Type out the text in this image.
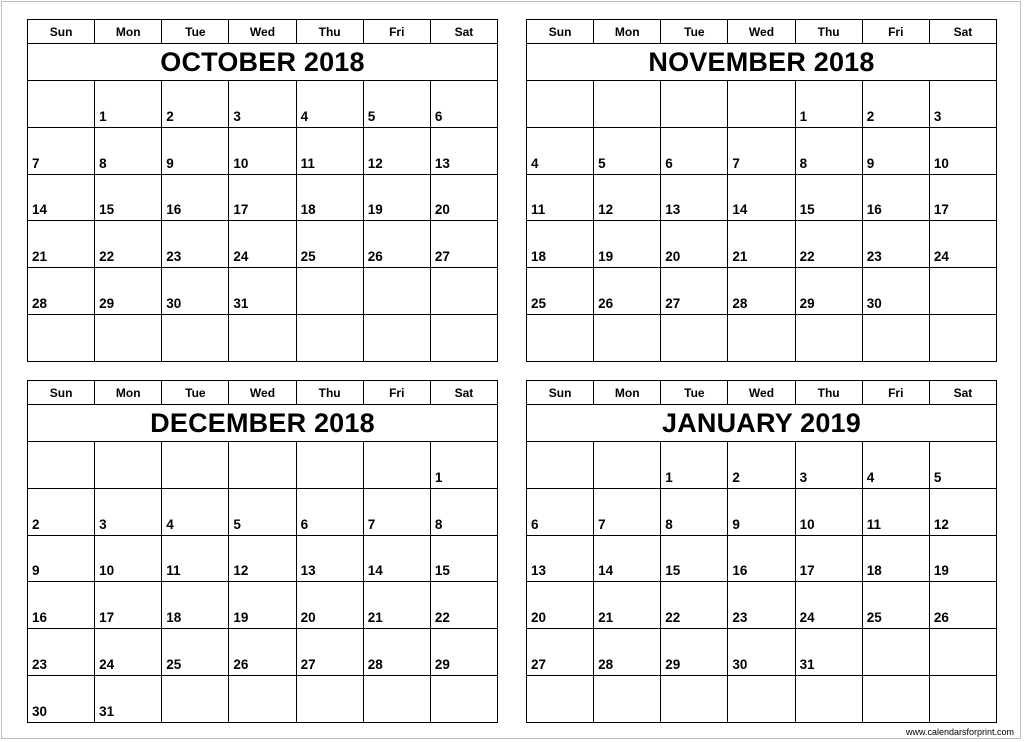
Sun	Mon	Tue	Wed	Thu	Fri	Sat
OCTOBER 2018						
	1	2	3	4	5	6
7	8	9	10	11	12	13
14	15	16	17	18	19	20
21	22	23	24	25	26	27
28	29	30	31			

Sun	Mon	Tue	Wed	Thu	Fri	Sat
NOVEMBER 2018						
				1	2	3
4	5	6	7	8	9	10
11	12	13	14	15	16	17
18	19	20	21	22	23	24
25	26	27	28	29	30	

Sun	Mon	Tue	Wed	Thu	Fri	Sat
DECEMBER 2018						
						1
2	3	4	5	6	7	8
9	10	11	12	13	14	15
16	17	18	19	20	21	22
23	24	25	26	27	28	29
30	31					
Sun	Mon	Tue	Wed	Thu	Fri	Sat
JANUARY 2019						
		1	2	3	4	5
6	7	8	9	10	11	12
13	14	15	16	17	18	19
20	21	22	23	24	25	26
27	28	29	30	31		

www.calendarsforprint.com
